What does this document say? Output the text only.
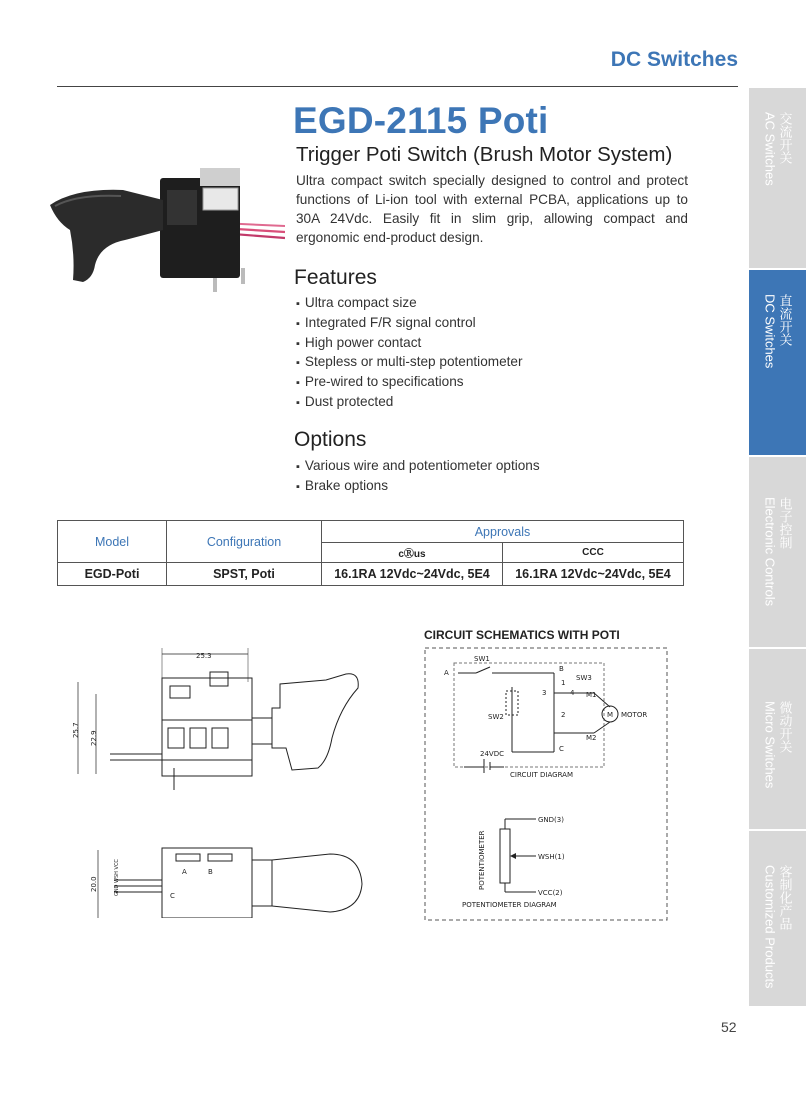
DC Switches
EGD-2115 Poti
Trigger Poti Switch (Brush Motor System)
Ultra compact switch specially designed to control and protect functions of Li-ion tool with external PCBA, applications up to 30A 24Vdc. Easily fit in slim grip, allowing compact and ergonomic end-product design.
Features
▪ Ultra compact size
▪ Integrated F/R signal control
▪ High power contact
▪ Stepless or multi-step potentiometer
▪ Pre-wired to specifications
▪ Dust protected
Options
▪ Various wire and potentiometer options
▪ Brake options
Model	Configuration	Approvals	
		cⓇus	CCC
EGD-Poti	SPST, Poti	16.1RA 12Vdc~24Vdc, 5E4	16.1RA 12Vdc~24Vdc, 5E4
CIRCUIT SCHEMATICS WITH POTI
SW1
A	B
SW3
M1
M MOTOR
M2
SW2
3
1
4
2
C
24VDC
CIRCUIT DIAGRAM
GND(3)
WSH(1)
VCC(2)
POTENTIOMETER
POTENTIOMETER DIAGRAM
25.3
25.7
22.9
20.0
A	B
C
GND WSH VCC
交流开关
AC Switches
直流开关
DC Switches
电子控制
Electronic Controls
微动开关
Micro Switches
客制化产品
Customized Products
52
